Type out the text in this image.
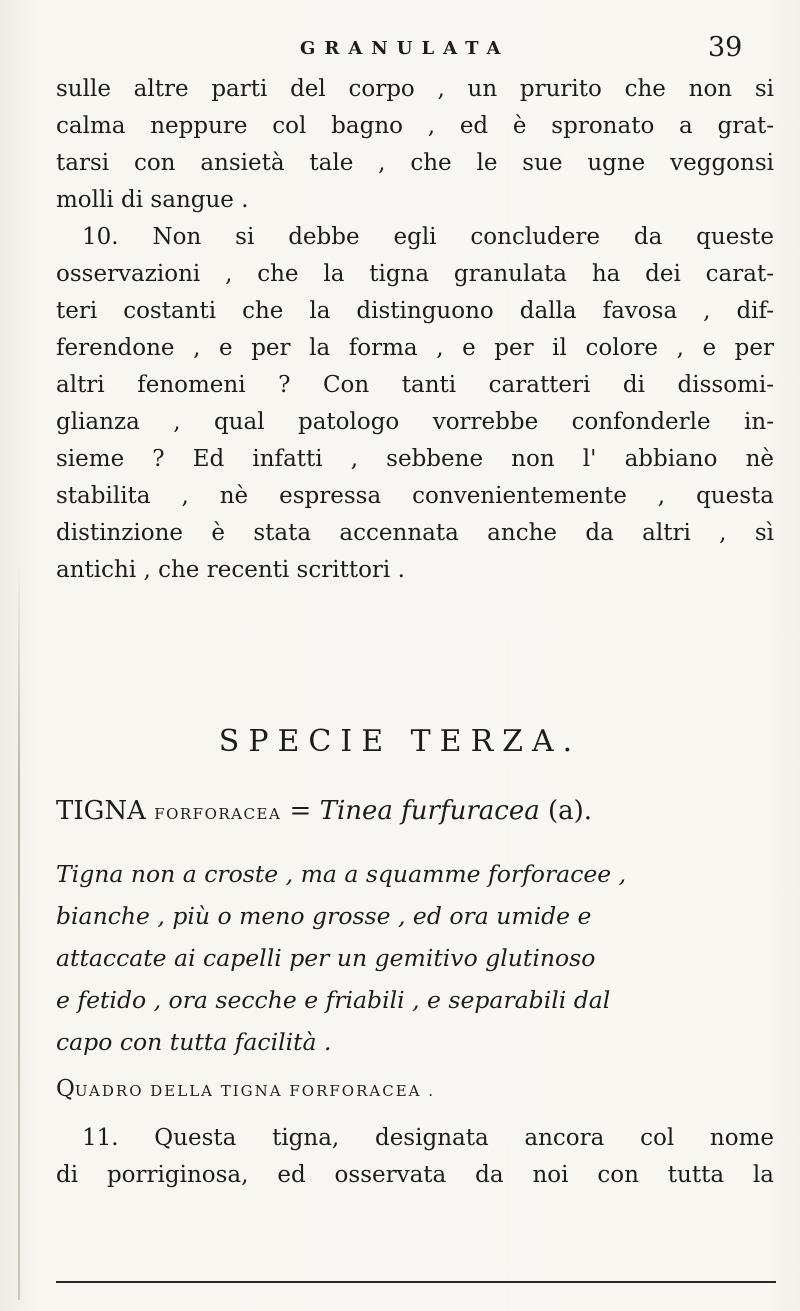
GRANULATA	39
sulle altre parti del corpo , un prurito che non si
calma neppure col bagno , ed è spronato a grat-
tarsi con ansietà tale , che le sue ugne veggonsi
molli di sangue .
10. Non si debbe egli concludere da queste
osservazioni , che la tigna granulata ha dei carat-
teri costanti che la distinguono dalla favosa , dif-
ferendone , e per la forma , e per il colore , e per
altri fenomeni ? Con tanti caratteri di dissomi-
glianza , qual patologo vorrebbe confonderle in-
sieme ? Ed infatti , sebbene non l' abbiano nè
stabilita , nè espressa convenientemente , questa
distinzione è stata accennata anche da altri , sì
antichi , che recenti scrittori .
SPECIE TERZA.
TIGNA FORFORACEA = Tinea furfuracea (a).
Tigna non a croste , ma a squamme forforacee ,
bianche , più o meno grosse , ed ora umide e
attaccate ai capelli per un gemitivo glutinoso
e fetido , ora secche e friabili , e separabili dal
capo con tutta facilità .
QUADRO DELLA TIGNA FORFORACEA .
11. Questa tigna, designata ancora col nome
di porriginosa, ed osservata da noi con tutta la
